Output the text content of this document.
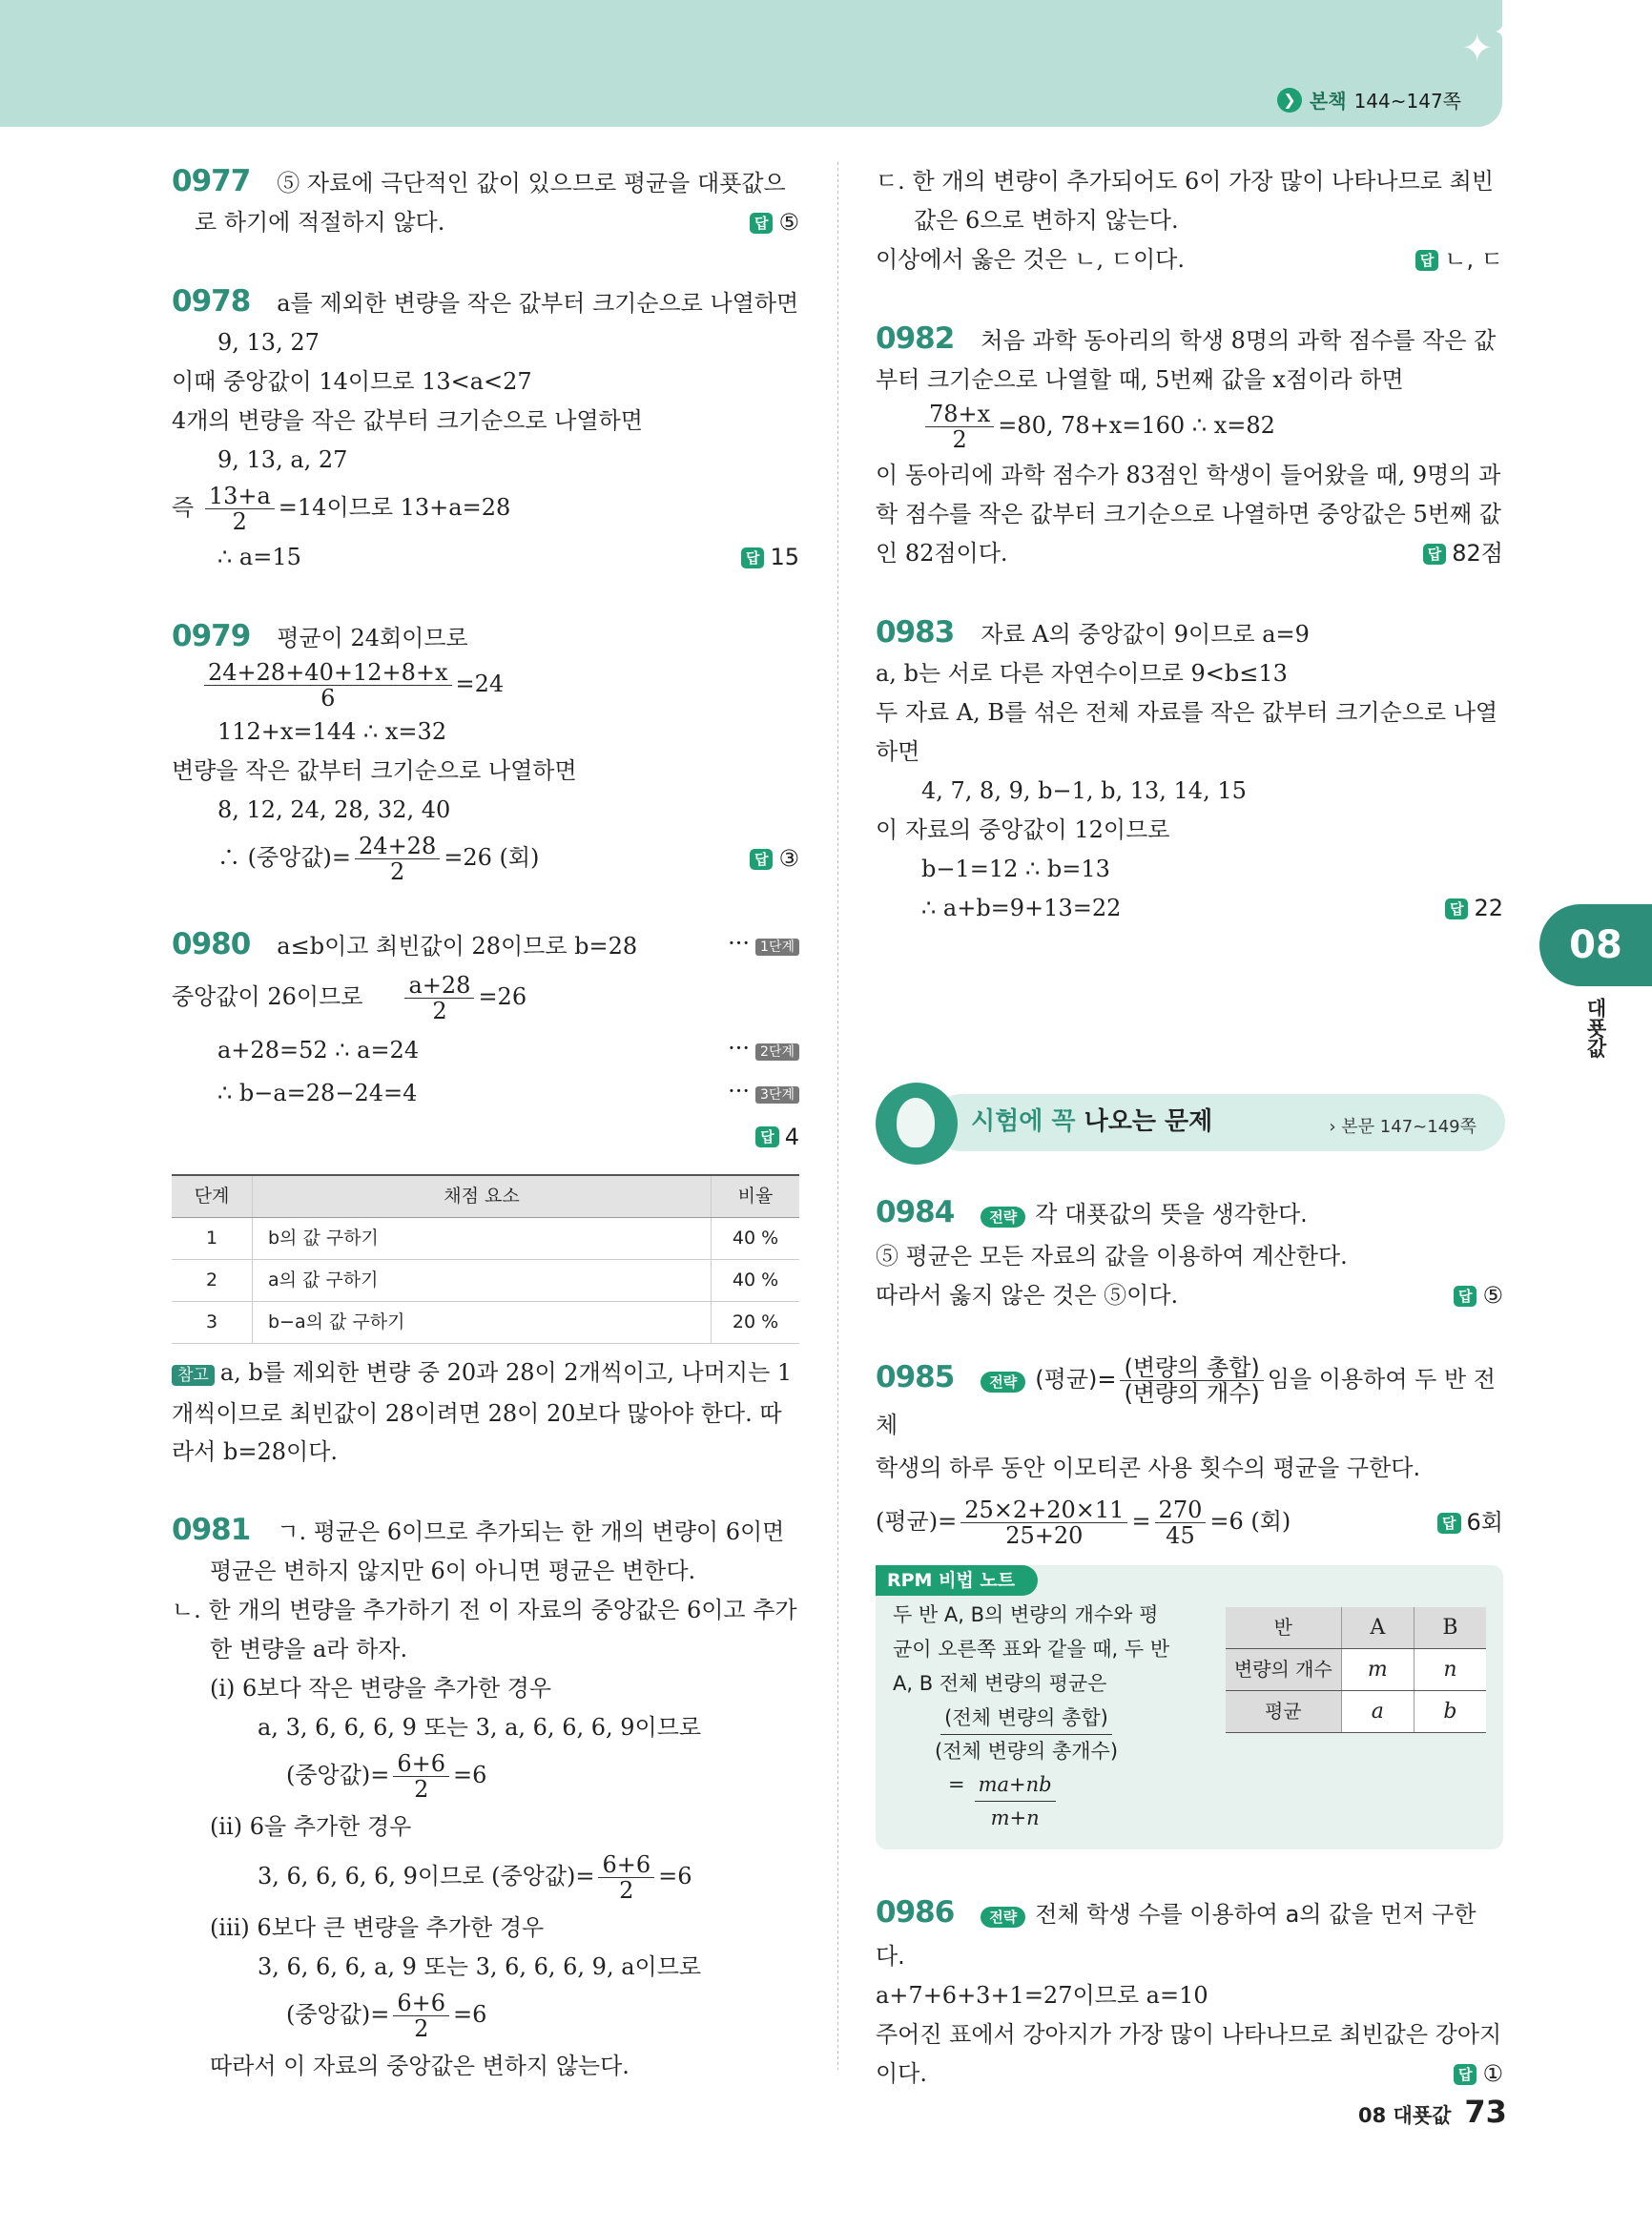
✦ ✦
❯ 본책 144~147쪽
0977 ⑤ 자료에 극단적인 값이 있으므로 평균을 대푯값으
로 하기에 적절하지 않다.	답 ⑤
0978 a를 제외한 변량을 작은 값부터 크기순으로 나열하면
9, 13, 27
이때 중앙값이 14이므로 13<a<27
4개의 변량을 작은 값부터 크기순으로 나열하면
9, 13, a, 27
즉 $\frac{13+a}{2} =14$이므로 13+a=28
∴ a=15	답 15
0979 평균이 24회이므로
$\frac{24+28+40+12+8+x}{6} =24$
112+x=144 ∴ x=32
변량을 작은 값부터 크기순으로 나열하면
8, 12, 24, 28, 32, 40
∴ (중앙값)= $\frac{24+28}{2} =26$ (회)	답 ③
0980 a≤b이고 최빈값이 28이므로 b=28	··· 1단계
중앙값이 26이므로 $\frac{a+28}{2} =26$
a+28=52 ∴ a=24	··· 2단계
∴ b−a=28−24=4	··· 3단계
답 4
단계	채점 요소	비율
1	b의 값 구하기	40 %
2	a의 값 구하기	40 %
3	b−a의 값 구하기	20 %
참고 a, b를 제외한 변량 중 20과 28이 2개씩이고, 나머지는 1개씩이므로 최빈값이 28이려면 28이 20보다 많아야 한다. 따라서 b=28이다.
0981 ㄱ. 평균은 6이므로 추가되는 한 개의 변량이 6이면
평균은 변하지 않지만 6이 아니면 평균은 변한다.
ㄴ. 한 개의 변량을 추가하기 전 이 자료의 중앙값은 6이고 추가
한 변량을 a라 하자.
(ⅰ) 6보다 작은 변량을 추가한 경우
a, 3, 6, 6, 6, 9 또는 3, a, 6, 6, 6, 9이므로
(중앙값)= $\frac{6+6}{2} =6$
(ⅱ) 6을 추가한 경우
3, 6, 6, 6, 6, 9이므로 (중앙값)= $\frac{6+6}{2} =6$
(ⅲ) 6보다 큰 변량을 추가한 경우
3, 6, 6, 6, a, 9 또는 3, 6, 6, 6, 9, a이므로
(중앙값)= $\frac{6+6}{2} =6$
따라서 이 자료의 중앙값은 변하지 않는다.
ㄷ. 한 개의 변량이 추가되어도 6이 가장 많이 나타나므로 최빈
값은 6으로 변하지 않는다.
이상에서 옳은 것은 ㄴ, ㄷ이다.	답 ㄴ, ㄷ
0982 처음 과학 동아리의 학생 8명의 과학 점수를 작은 값
부터 크기순으로 나열할 때, 5번째 값을 x점이라 하면
$\frac{78+x}{2} =80$, 78+x=160 ∴ x=82
이 동아리에 과학 점수가 83점인 학생이 들어왔을 때, 9명의 과
학 점수를 작은 값부터 크기순으로 나열하면 중앙값은 5번째 값
인 82점이다.	답 82점
0983 자료 A의 중앙값이 9이므로 a=9
a, b는 서로 다른 자연수이므로 9<b≤13
두 자료 A, B를 섞은 전체 자료를 작은 값부터 크기순으로 나열
하면
4, 7, 8, 9, b−1, b, 13, 14, 15
이 자료의 중앙값이 12이므로
b−1=12 ∴ b=13
∴ a+b=9+13=22	답 22
시험에 꼭 나오는 문제	› 본문 147~149쪽
0984 전략 각 대푯값의 뜻을 생각한다.
⑤ 평균은 모든 자료의 값을 이용하여 계산한다.
따라서 옳지 않은 것은 ⑤이다.	답 ⑤
0985 전략 (평균)= $\frac{\text{(변량의 총합)}}{\text{(변량의 개수)}}$ 임을 이용하여 두 반 전체
학생의 하루 동안 이모티콘 사용 횟수의 평균을 구한다.
(평균)= $\frac{25\times 2+20\times 11}{25+20} = \frac{270}{45} =6$ (회)	답 6회
RPM 비법 노트
두 반 A, B의 변량의 개수와 평
균이 오른쪽 표와 같을 때, 두 반
A, B 전체 변량의 평균은
$\frac{\text{(전체 변량의 총합)}}{\text{(전체 변량의 총개수)}}$
= $\frac{ma+nb}{m+n}$
반	A	B
변량의 개수	m	n
평균	a	b
0986 전략 전체 학생 수를 이용하여 a의 값을 먼저 구한다.
a+7+6+3+1=27이므로 a=10
주어진 표에서 강아지가 가장 많이 나타나므로 최빈값은 강아지
이다.	답 ①
08
대푯값
08 대푯값 73
